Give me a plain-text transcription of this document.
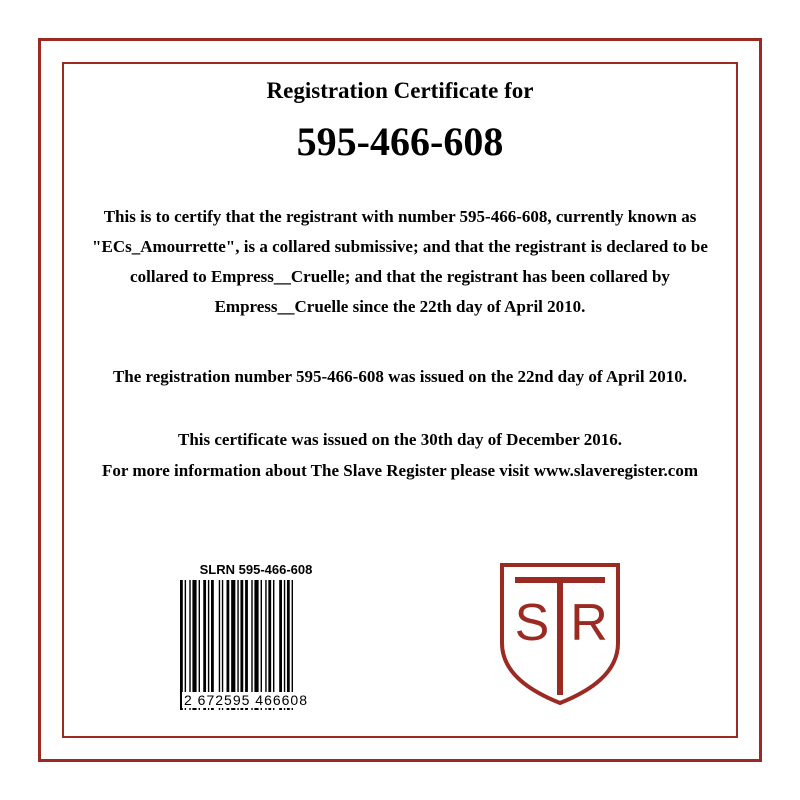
Registration Certificate for
595-466-608
This is to certify that the registrant with number 595-466-608, currently known as "ECs_Amourrette", is a collared submissive; and that the registrant is declared to be collared to Empress__Cruelle; and that the registrant has been collared by Empress__Cruelle since the 22th day of April 2010.
The registration number 595-466-608 was issued on the 22nd day of April 2010.
This certificate was issued on the 30th day of December 2016.
For more information about The Slave Register please visit www.slaveregister.com
SLRN 595-466-608
2 672595 466608
S R
